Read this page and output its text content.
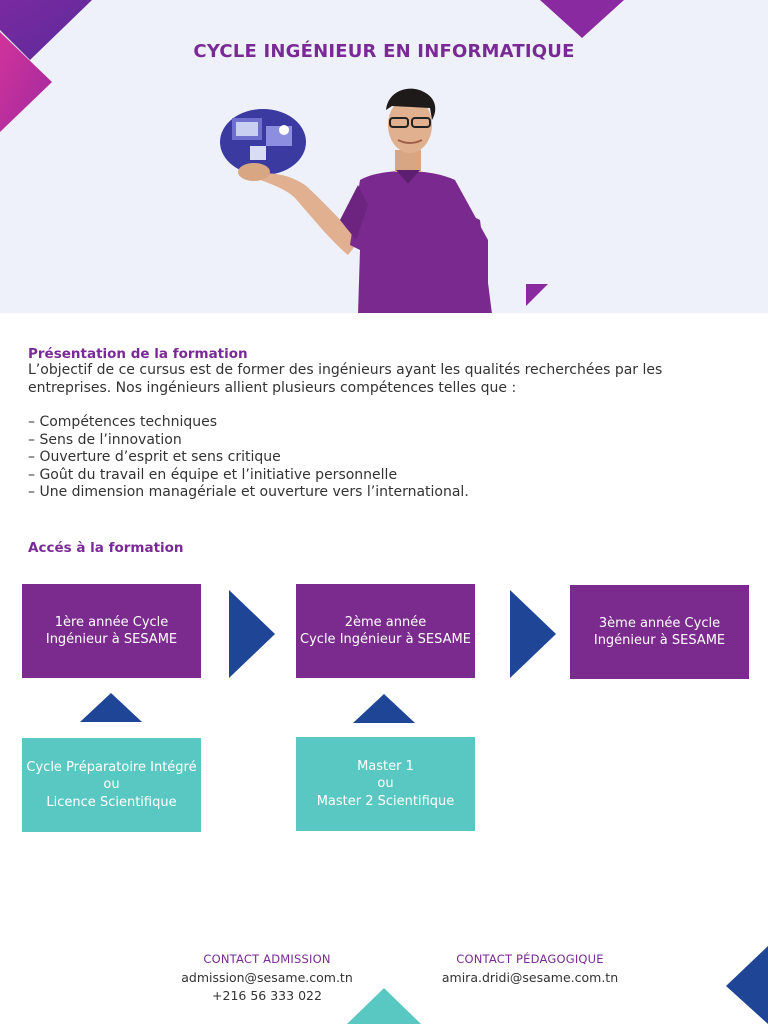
CYCLE INGÉNIEUR EN INFORMATIQUE
Présentation de la formation
L’objectif de ce cursus est de former des ingénieurs ayant les qualités recherchées par les
entreprises. Nos ingénieurs allient plusieurs compétences telles que :
– Compétences techniques
– Sens de l’innovation
– Ouverture d’esprit et sens critique
– Goût du travail en équipe et l’initiative personnelle
– Une dimension managériale et ouverture vers l’international.
Accés à la formation
1ère année Cycle
Ingénieur à SESAME
2ème année
Cycle Ingénieur à SESAME
3ème année Cycle
Ingénieur à SESAME
Cycle Préparatoire Intégré
ou
Licence Scientifique
Master 1
ou
Master 2 Scientifique
CONTACT ADMISSION
admission@sesame.com.tn
+216 56 333 022
CONTACT PÉDAGOGIQUE
amira.dridi@sesame.com.tn
